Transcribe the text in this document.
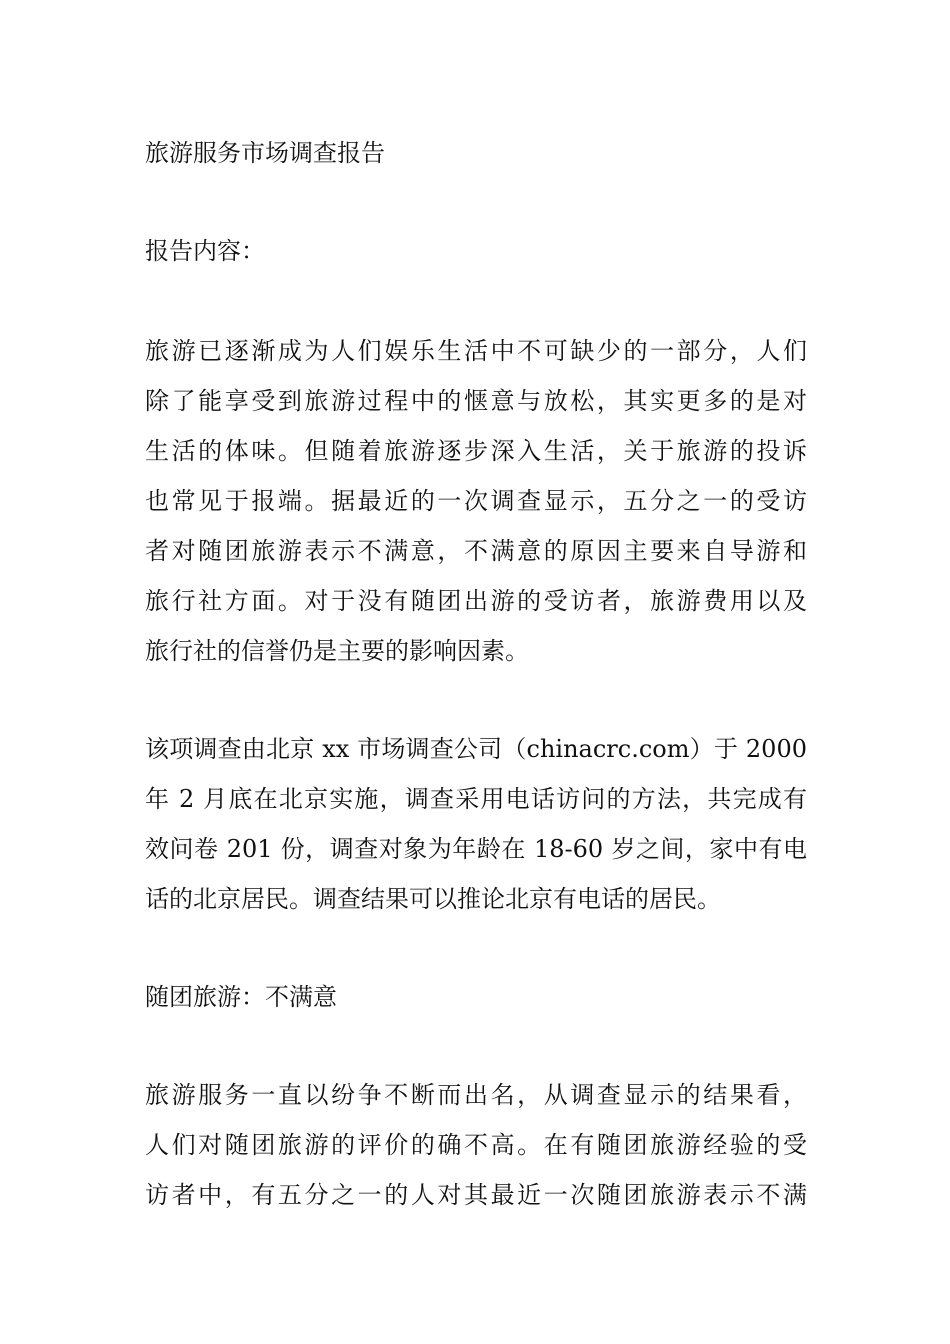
旅游服务市场调查报告
报告内容：
旅游已逐渐成为人们娱乐生活中不可缺少的一部分，人们
除了能享受到旅游过程中的惬意与放松，其实更多的是对
生活的体味。但随着旅游逐步深入生活，关于旅游的投诉
也常见于报端。据最近的一次调查显示，五分之一的受访
者对随团旅游表示不满意，不满意的原因主要来自导游和
旅行社方面。对于没有随团出游的受访者，旅游费用以及
旅行社的信誉仍是主要的影响因素。
该项调查由北京 xx 市场调查公司（chinacrc.com）于 2000
年 2 月底在北京实施，调查采用电话访问的方法，共完成有
效问卷 201 份，调查对象为年龄在 18-60 岁之间，家中有电
话的北京居民。调查结果可以推论北京有电话的居民。
随团旅游：不满意
旅游服务一直以纷争不断而出名，从调查显示的结果看，
人们对随团旅游的评价的确不高。在有随团旅游经验的受
访者中，有五分之一的人对其最近一次随团旅游表示不满
